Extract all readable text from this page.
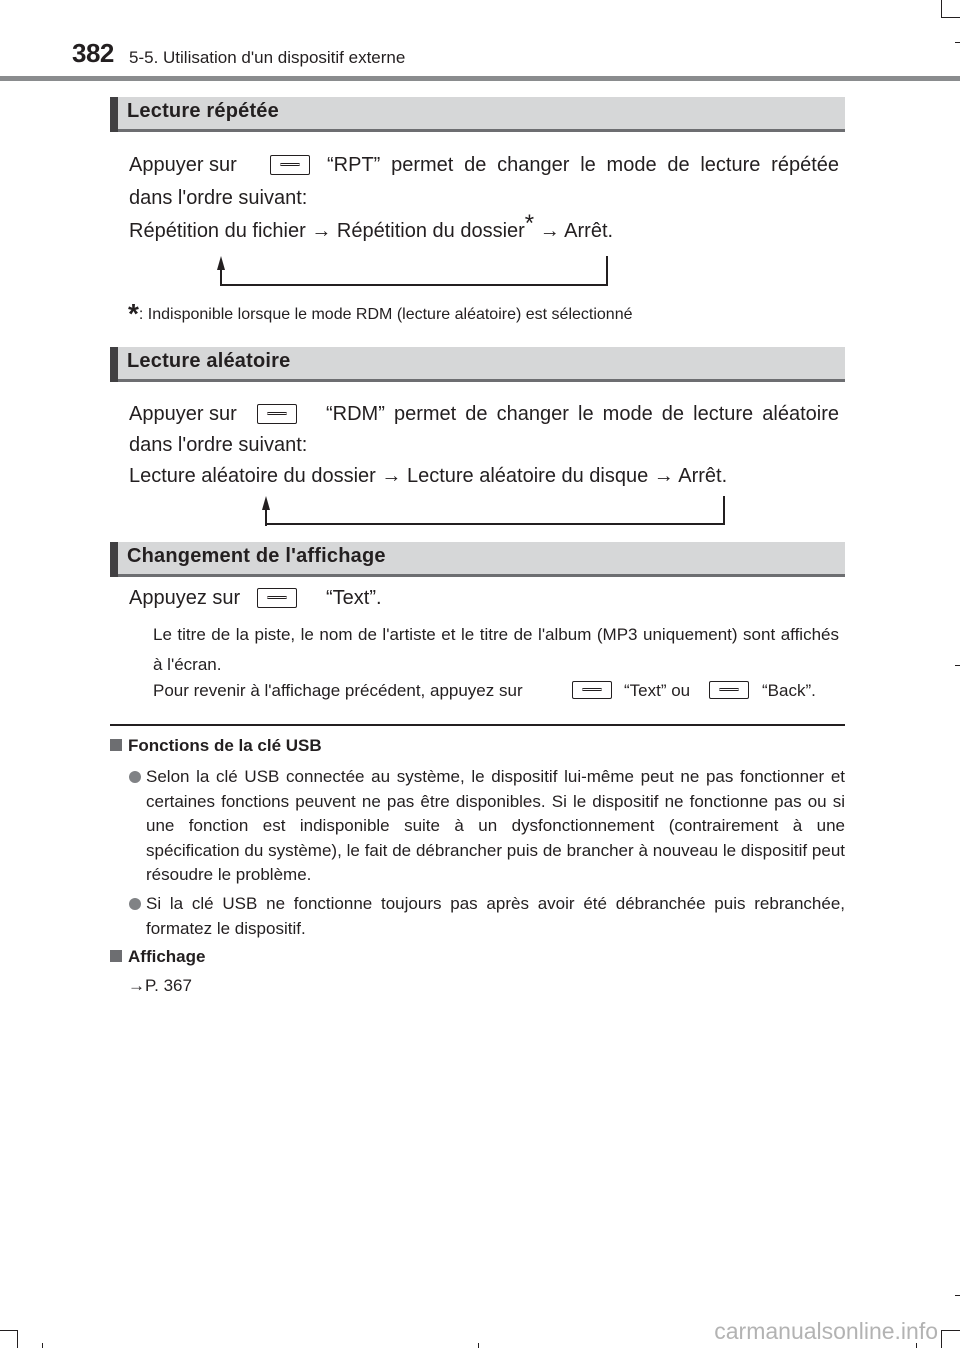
382 5-5. Utilisation d'un dispositif externe
Lecture répétée
Appuyer sur	“RPT” permet de changer le mode de lecture répétée
dans l'ordre suivant:
Répétition du fichier → Répétition du dossier* → Arrêt.
*: Indisponible lorsque le mode RDM (lecture aléatoire) est sélectionné
Lecture aléatoire
Appuyer sur	“RDM” permet de changer le mode de lecture aléatoire
dans l'ordre suivant:
Lecture aléatoire du dossier → Lecture aléatoire du disque → Arrêt.
Changement de l'affichage
Appuyez sur	“Text”.
Le titre de la piste, le nom de l'artiste et le titre de l'album (MP3 uniquement) sont affichés à l'écran.
Pour revenir à l'affichage précédent, appuyez sur	“Text” ou	“Back”.
Fonctions de la clé USB
Selon la clé USB connectée au système, le dispositif lui-même peut ne pas fonctionner et certaines fonctions peuvent ne pas être disponibles. Si le dispositif ne fonctionne pas ou si une fonction est indisponible suite à un dysfonctionnement (contrairement à une spécification du système), le fait de débrancher puis de brancher à nouveau le dispositif peut résoudre le problème.
Si la clé USB ne fonctionne toujours pas après avoir été débranchée puis rebranchée, formatez le dispositif.
Affichage
→P. 367
carmanualsonline.info
